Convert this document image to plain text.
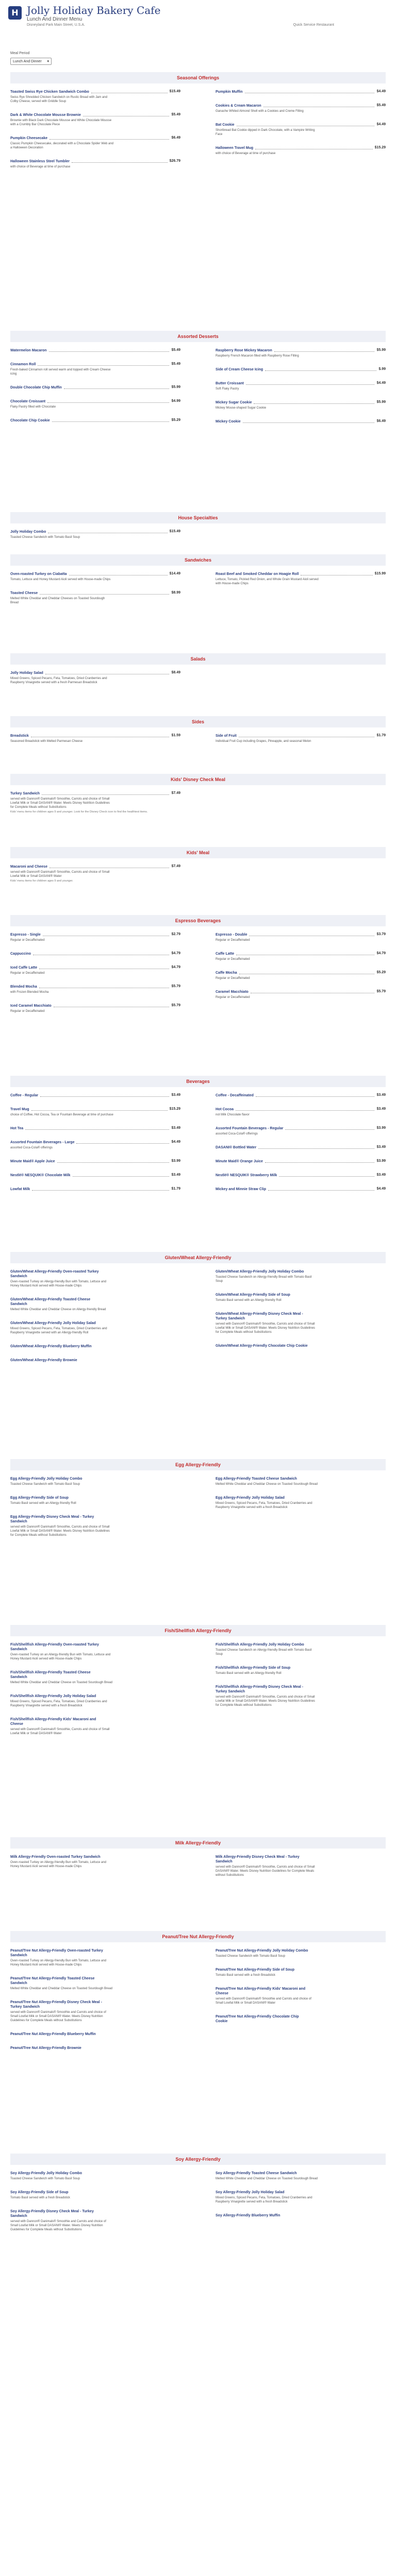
H Jolly Holiday Bakery Cafe
Lunch And Dinner Menu
Disneyland Park Main Street, U.S.A.	Quick Service Restaurant
Meal Period
Lunch And Dinner ▾
Seasonal Offerings
Toasted Swiss Rye Chicken Sandwich Combo	$15.49
Swiss Rye Shredded Chicken Sandwich on Rustic Bread with Jam and Colby Cheese, served with Griddle Soup
Dark & White Chocolate Mousse Brownie	$5.49
Brownie with Black Dark Chocolate Mousse and White Chocolate Mousse with a Crumbly Bar Chocolate Piece
Pumpkin Cheesecake	$6.49
Classic Pumpkin Cheesecake, decorated with a Chocolate Spider Web and a Halloween Decoration
Halloween Stainless Steel Tumbler	$26.79
with choice of Beverage at time of purchase
Pumpkin Muffin	$4.49
Cookies & Cream Macaron	$5.49
Ganache Whited Almond Shell with a Cookies and Creme Filling
Bat Cookie	$4.49
Shortbread Bat Cookie dipped in Dark Chocolate, with a Vampire Writing Face
Halloween Travel Mug	$15.29
with choice of Beverage at time of purchase
Assorted Desserts
Watermelon Macaron	$5.49
Cinnamon Roll	$5.49
Fresh-baked Cinnamon roll served warm and topped with Cream Cheese icing
Double Chocolate Chip Muffin	$5.99
Chocolate Croissant	$4.99
Flaky Pastry filled with Chocolate
Chocolate Chip Cookie	$5.29
Raspberry Rose Mickey Macaron	$5.99
Raspberry French Macaron filled with Raspberry Rose Filling
Side of Cream Cheese Icing	$.99
Butter Croissant	$4.49
Soft Flaky Pastry
Mickey Sugar Cookie	$5.99
Mickey Mouse-shaped Sugar Cookie
Mickey Cookie	$6.49
House Specialties
Jolly Holiday Combo	$15.49
Toasted Cheese Sandwich with Tomato Basil Soup
Sandwiches
Oven-roasted Turkey on Ciabatta	$14.49
Tomato, Lettuce and Honey Mustard Aioli served with House-made Chips
Toasted Cheese	$8.99
Melted White Cheddar and Cheddar Cheeses on Toasted Sourdough Bread
Roast Beef and Smoked Cheddar on Hoagie Roll	$15.99
Lettuce, Tomato, Pickled Red Onion, and Whole Grain Mustard Aioli served with House-made Chips
Salads
Jolly Holiday Salad	$8.49
Mixed Greens, Spiced Pecans, Feta, Tomatoes, Dried Cranberries and Raspberry Vinaigrette served with a fresh Parmesan Breadstick
Sides
Breadstick	$1.59
Seasoned Breadstick with Melted Parmesan Cheese
Side of Fruit	$1.79
Individual Fruit Cup including Grapes, Pineapple, and seasonal Melon
Kids' Disney Check Meal
Turkey Sandwich	$7.49
served with Dannon® Danimals® Smoothie, Carrots and choice of Small Lowfat Milk or Small DASANI® Water. Meets Disney Nutrition Guidelines for Complete Meals without Substitutions
Kids' menu items for children ages 9 and younger. Look for the Disney Check icon to find the healthiest items.
Kids' Meal
Macaroni and Cheese	$7.49
served with Dannon® Danimals® Smoothie, Carrots and choice of Small Lowfat Milk or Small DASANI® Water
Kids' menu items for children ages 9 and younger.
Espresso Beverages
Espresso - Single	$2.79
Regular or Decaffeinated
Cappuccino	$4.79
Iced Caffe Latte	$4.79
Regular or Decaffeinated
Blended Mocha	$5.79
with Frozen Blended Mocha
Iced Caramel Macchiato	$5.79
Regular or Decaffeinated
Espresso - Double	$3.79
Regular or Decaffeinated
Caffe Latte	$4.79
Regular or Decaffeinated
Caffe Mocha	$5.29
Regular or Decaffeinated
Caramel Macchiato	$5.79
Regular or Decaffeinated
Beverages
Coffee - Regular	$3.49
Travel Mug	$15.29
choice of Coffee, Hot Cocoa, Tea or Fountain Beverage at time of purchase
Hot Tea	$3.49
Assorted Fountain Beverages - Large	$4.49
assorted Coca-Cola® offerings
Minute Maid® Apple Juice	$3.99
Nestlé® NESQUIK® Chocolate Milk	$3.49
Lowfat Milk	$1.79
Coffee - Decaffeinated	$3.49
Hot Cocoa	$3.49
not Milk Chocolate flavor
Assorted Fountain Beverages - Regular	$3.99
assorted Coca-Cola® offerings
DASANI® Bottled Water	$3.49
Minute Maid® Orange Juice	$3.99
Nestlé® NESQUIK® Strawberry Milk	$3.49
Mickey and Minnie Straw Clip	$4.49
Gluten/Wheat Allergy-Friendly
Gluten/Wheat Allergy-Friendly Oven-roasted Turkey Sandwich
Oven-roasted Turkey on Allergy-friendly Bun with Tomato, Lettuce and Honey Mustard Aioli served with House-made Chips
Gluten/Wheat Allergy-Friendly Toasted Cheese Sandwich
Melted White Cheddar and Cheddar Cheese on Allergy-friendly Bread
Gluten/Wheat Allergy-Friendly Jolly Holiday Salad
Mixed Greens, Spiced Pecans, Feta, Tomatoes, Dried Cranberries and Raspberry Vinaigrette served with an Allergy-friendly Roll
Gluten/Wheat Allergy-Friendly Blueberry Muffin
Gluten/Wheat Allergy-Friendly Brownie
Gluten/Wheat Allergy-Friendly Jolly Holiday Combo
Toasted Cheese Sandwich on Allergy-friendly Bread with Tomato Basil Soup
Gluten/Wheat Allergy-Friendly Side of Soup
Tomato Basil served with an Allergy-friendly Roll
Gluten/Wheat Allergy-Friendly Disney Check Meal - Turkey Sandwich
served with Dannon® Danimals® Smoothie, Carrots and choice of Small Lowfat Milk or Small DASANI® Water. Meets Disney Nutrition Guidelines for Complete Meals without Substitutions
Gluten/Wheat Allergy-Friendly Chocolate Chip Cookie
Egg Allergy-Friendly
Egg Allergy-Friendly Jolly Holiday Combo
Toasted Cheese Sandwich with Tomato Basil Soup
Egg Allergy-Friendly Side of Soup
Tomato Basil served with an Allergy-friendly Roll
Egg Allergy-Friendly Disney Check Meal - Turkey Sandwich
served with Dannon® Danimals® Smoothie, Carrots and choice of Small Lowfat Milk or Small DASANI® Water. Meets Disney Nutrition Guidelines for Complete Meals without Substitutions
Egg Allergy-Friendly Toasted Cheese Sandwich
Melted White Cheddar and Cheddar Cheese on Toasted Sourdough Bread
Egg Allergy-Friendly Jolly Holiday Salad
Mixed Greens, Spiced Pecans, Feta, Tomatoes, Dried Cranberries and Raspberry Vinaigrette served with a fresh Breadstick
Fish/Shellfish Allergy-Friendly
Fish/Shellfish Allergy-Friendly Oven-roasted Turkey Sandwich
Oven-roasted Turkey on an Allergy-friendly Bun with Tomato, Lettuce and Honey Mustard Aioli served with House-made Chips
Fish/Shellfish Allergy-Friendly Toasted Cheese Sandwich
Melted White Cheddar and Cheddar Cheese on Toasted Sourdough Bread
Fish/Shellfish Allergy-Friendly Jolly Holiday Salad
Mixed Greens, Spiced Pecans, Feta, Tomatoes, Dried Cranberries and Raspberry Vinaigrette served with a fresh Breadstick
Fish/Shellfish Allergy-Friendly Kids' Macaroni and Cheese
served with Dannon® Danimals® Smoothie, Carrots and choice of Small Lowfat Milk or Small DASANI® Water
Fish/Shellfish Allergy-Friendly Jolly Holiday Combo
Toasted Cheese Sandwich on Allergy-friendly Bread with Tomato Basil Soup
Fish/Shellfish Allergy-Friendly Side of Soup
Tomato Basil served with an Allergy-friendly Roll
Fish/Shellfish Allergy-Friendly Disney Check Meal - Turkey Sandwich
served with Dannon® Danimals® Smoothie, Carrots and choice of Small Lowfat Milk or Small DASANI® Water. Meets Disney Nutrition Guidelines for Complete Meals without Substitutions
Milk Allergy-Friendly
Milk Allergy-Friendly Oven-roasted Turkey Sandwich
Oven-roasted Turkey on Allergy-friendly Bun with Tomato, Lettuce and Honey Mustard Aioli served with House-made Chips
Milk Allergy-Friendly Disney Check Meal - Turkey Sandwich
served with Dannon® Danimals® Smoothie, Carrots and choice of Small DASANI® Water. Meets Disney Nutrition Guidelines for Complete Meals without Substitutions
Peanut/Tree Nut Allergy-Friendly
Peanut/Tree Nut Allergy-Friendly Oven-roasted Turkey Sandwich
Oven-roasted Turkey on Allergy-friendly Bun with Tomato, Lettuce and Honey Mustard Aioli served with House-made Chips
Peanut/Tree Nut Allergy-Friendly Toasted Cheese Sandwich
Melted White Cheddar and Cheddar Cheese on Toasted Sourdough Bread
Peanut/Tree Nut Allergy-Friendly Disney Check Meal - Turkey Sandwich
served with Dannon® Danimals® Smoothie and Carrots and choice of Small Lowfat Milk or Small DASANI® Water. Meets Disney Nutrition Guidelines for Complete Meals without Substitutions
Peanut/Tree Nut Allergy-Friendly Blueberry Muffin
Peanut/Tree Nut Allergy-Friendly Brownie
Peanut/Tree Nut Allergy-Friendly Jolly Holiday Combo
Toasted Cheese Sandwich with Tomato Basil Soup
Peanut/Tree Nut Allergy-Friendly Side of Soup
Tomato Basil served with a fresh Breadstick
Peanut/Tree Nut Allergy-Friendly Kids' Macaroni and Cheese
served with Dannon® Danimals® Smoothie and Carrots and choice of Small Lowfat Milk or Small DASANI® Water
Peanut/Tree Nut Allergy-Friendly Chocolate Chip Cookie
Soy Allergy-Friendly
Soy Allergy-Friendly Jolly Holiday Combo
Toasted Cheese Sandwich with Tomato Basil Soup
Soy Allergy-Friendly Side of Soup
Tomato Basil served with a fresh Breadstick
Soy Allergy-Friendly Disney Check Meal - Turkey Sandwich
served with Dannon® Danimals® Smoothie and Carrots and choice of Small Lowfat Milk or Small DASANI® Water. Meets Disney Nutrition Guidelines for Complete Meals without Substitutions
Soy Allergy-Friendly Toasted Cheese Sandwich
Melted White Cheddar and Cheddar Cheese on Toasted Sourdough Bread
Soy Allergy-Friendly Jolly Holiday Salad
Mixed Greens, Spiced Pecans, Feta, Tomatoes, Dried Cranberries and Raspberry Vinaigrette served with a fresh Breadstick
Soy Allergy-Friendly Blueberry Muffin
